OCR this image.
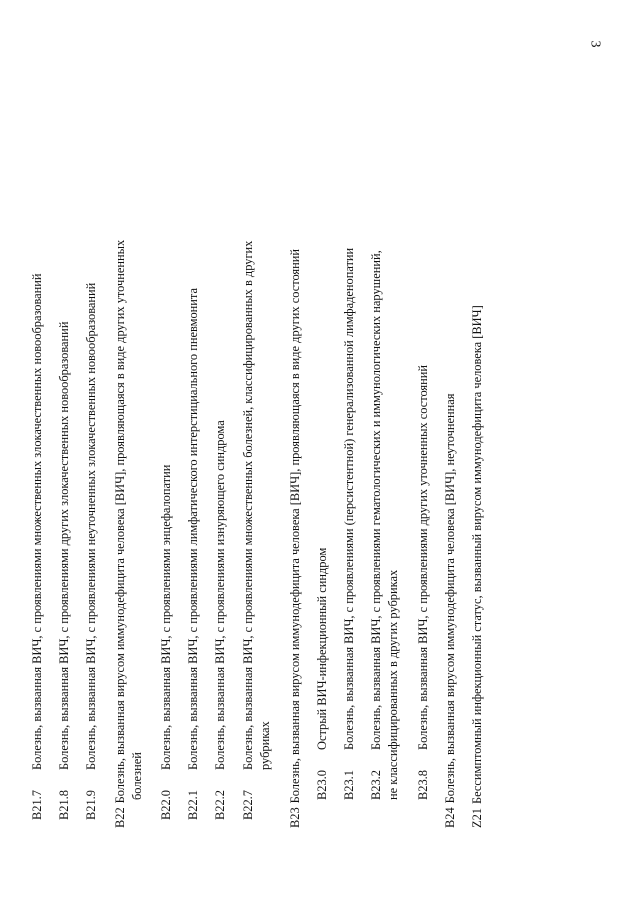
3
B21.7Болезнь, вызванная ВИЧ, с проявлениями множественных злокачественных новообразований
B21.8Болезнь, вызванная ВИЧ, с проявлениями других злокачественных новообразований
B21.9Болезнь, вызванная ВИЧ, с проявлениями неуточненных злокачественных новообразований
B22Болезнь, вызванная вирусом иммунодефицита человека [ВИЧ], проявляющаяся в виде других уточненных болезней
B22.0Болезнь, вызванная ВИЧ, с проявлениями энцефалопатии
B22.1Болезнь, вызванная ВИЧ, с проявлениями лимфатического интерстициального пневмонита
B22.2Болезнь, вызванная ВИЧ, с проявлениями изнуряющего синдрома
B22.7Болезнь, вызванная ВИЧ, с проявлениями множественных болезней, классифицированных в других рубриках
B23Болезнь, вызванная вирусом иммунодефицита человека [ВИЧ], проявляющаяся в виде других состояний B23.0Острый ВИЧ-инфекционный синдром
B23.1Болезнь, вызванная ВИЧ, с проявлениями (персистентной) генерализованной лимфаденопатии
B23.2Болезнь, вызванная ВИЧ, с проявлениями гематологических и иммунологических нарушений, не классифицированных в других рубриках B23.8Болезнь, вызванная ВИЧ, с проявлениями других уточненных состояний
B24Болезнь, вызванная вирусом иммунодефицита человека [ВИЧ], неуточненная
Z21Бессимптомный инфекционный статус, вызванный вирусом иммунодефицита человека [ВИЧ]
